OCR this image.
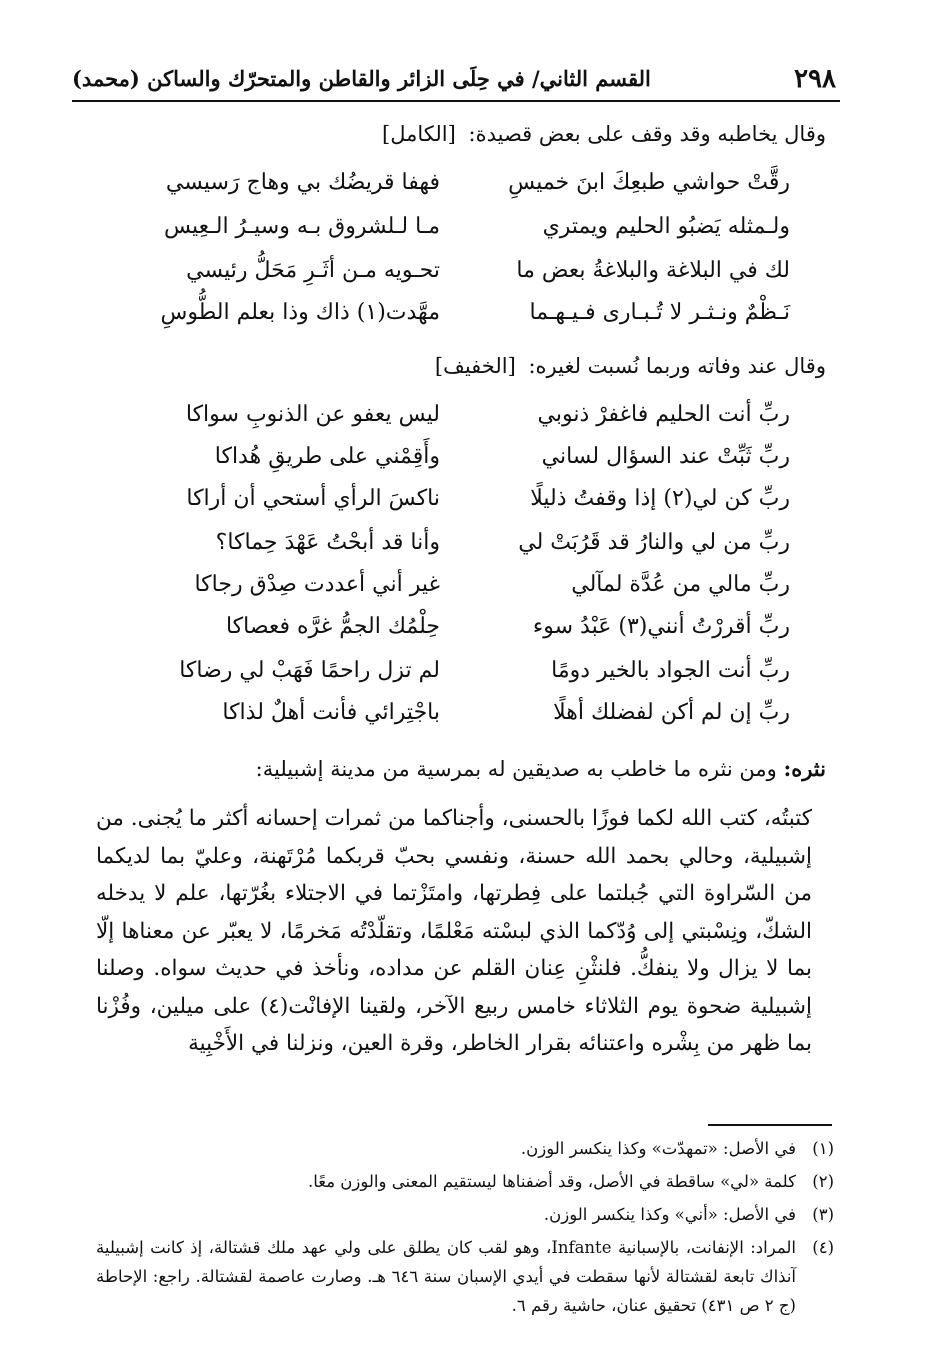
٢٩٨
القسم الثاني/ في حِلَى الزائر والقاطن والمتحرّك والساكن (محمد)
وقال يخاطبه وقد وقف على بعض قصيدة: [الكامل]
رقَّتْ حواشي طبعِكَ ابنَ خميسِ
فهفا قريضُك بي وهاج رَسيسي
ولـمثله يَضبُو الحليم ويمتري
مـا لـلشروق بـه وسيـرُ الـعِيس
لك في البلاغة والبلاغةُ بعض ما
تحـويه مـن أثَـرِ مَحَلُّ رئيسي
نَـظْمٌ ونـثـر لا تُـبـارى فـيـهـما
مهَّدت(١) ذاك وذا بعلم الطُّوسِ
وقال عند وفاته وربما نُسبت لغيره: [الخفيف]
ربِّ أنت الحليم فاغفرْ ذنوبي
ليس يعفو عن الذنوبِ سواكا
ربِّ ثَبِّتْ عند السؤال لساني
وأَقِمْني على طريقِ هُداكا
ربِّ كن لي(٢) إذا وقفتُ ذليلًا
ناكسَ الرأي أستحي أن أراكا
ربِّ من لي والنارُ قد قَرُبَتْ لي
وأنا قد أبحْتُ عَهْدَ حِماكا؟
ربِّ مالي من عُدَّة لمآلي
غير أني أعددت صِدْق رجاكا
ربِّ أقررْتُ أنني(٣) عَبْدُ سوء
حِلْمُك الجمُّ غرَّه فعصاكا
ربِّ أنت الجواد بالخير دومًا
لم تزل راحمًا فَهَبْ لي رضاكا
ربِّ إن لم أكن لفضلك أهلًا
باجْتِرائي فأنت أهلٌ لذاكا
نثره: ومن نثره ما خاطب به صديقين له بمرسية من مدينة إشبيلية:

كتبتُه، كتب الله لكما فوزًا بالحسنى، وأجناكما من ثمرات إحسانه أكثر ما يُجنى. من إشبيلية، وحالي بحمد الله حسنة، ونفسي بحبّ قربكما مُرْتَهنة، وعليّ بما لديكما من السّراوة التي جُبلتما على فِطرتها، وامتَزْتما في الاجتلاء بغُرّتها، علم لا يدخله الشكّ، ونِسْبتي إلى وُدّكما الذي لبسْته مَعْلمًا، وتقلّدْتُه مَخرمًا، لا يعبّر عن معناها إلّا بما لا يزال ولا ينفكُّ. فلنثْنِ عِنان القلم عن مداده، ونأخذ في حديث سواه. وصلنا إشبيلية ضحوة يوم الثلاثاء خامس ربيع الآخر، ولقينا الإفانْت(٤) على ميلين، وفُزْنا بما ظهر من بِشْره واعتنائه بقرار الخاطر، وقرة العين، ونزلنا في الأَخْبِية

(١)
في الأصل: «تمهدّت» وكذا ينكسر الوزن.
(٢)
كلمة «لي» ساقطة في الأصل، وقد أضفناها ليستقيم المعنى والوزن معًا.
(٣)
في الأصل: «أني» وكذا ينكسر الوزن.
(٤)
المراد: الإنفانت، بالإسبانية Infante، وهو لقب كان يطلق على ولي عهد ملك قشتالة، إذ كانت إشبيلية آنذاك تابعة لقشتالة لأنها سقطت في أيدي الإسبان سنة ٦٤٦ هـ. وصارت عاصمة لقشتالة. راجع: الإحاطة (ج ٢ ص ٤٣١) تحقيق عنان، حاشية رقم ٦.
